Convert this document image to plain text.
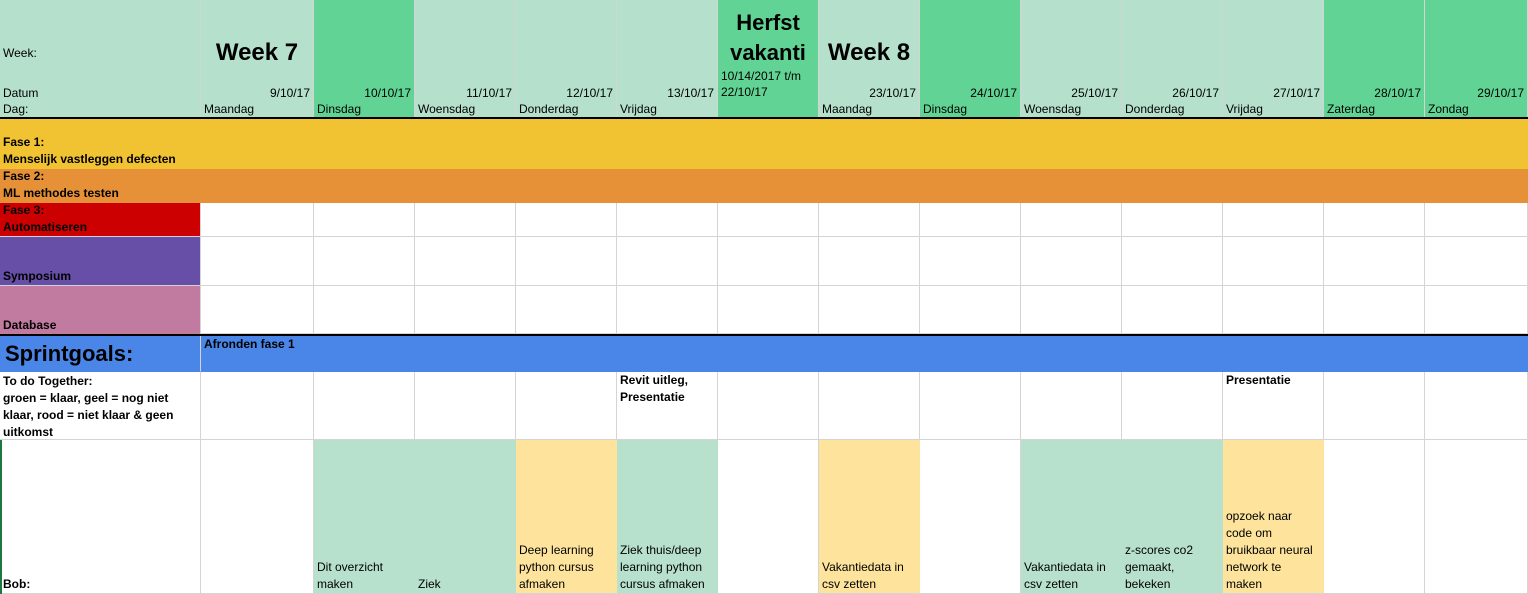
Week:
Datum
Dag:
Week 7
9/10/17
Maandag
10/10/17
Dinsdag
11/10/17
Woensdag
12/10/17
Donderdag
13/10/17
Vrijdag
Herfst vakanti
10/14/2017 t/m 22/10/17
Week 8
23/10/17
Maandag
24/10/17
Dinsdag
25/10/17
Woensdag
26/10/17
Donderdag
27/10/17
Vrijdag
28/10/17
Zaterdag
29/10/17
Zondag
Fase 1:
Menselijk vastleggen defecten
Fase 2:
ML methodes testen
Fase 3:
Automatiseren
Symposium
Database
Sprintgoals:	Afronden fase 1
To do Together:
groen = klaar, geel = nog niet klaar, rood = niet klaar & geen uitkomst
Revit uitleg, Presentatie
Presentatie
Bob:
Dit overzicht maken	Ziek
Deep learning python cursus afmaken
Ziek thuis/deep learning python cursus afmaken
Vakantiedata in csv zetten
Vakantiedata in csv zetten
z-scores co2 gemaakt, bekeken
opzoek naar code om bruikbaar neural network te maken
